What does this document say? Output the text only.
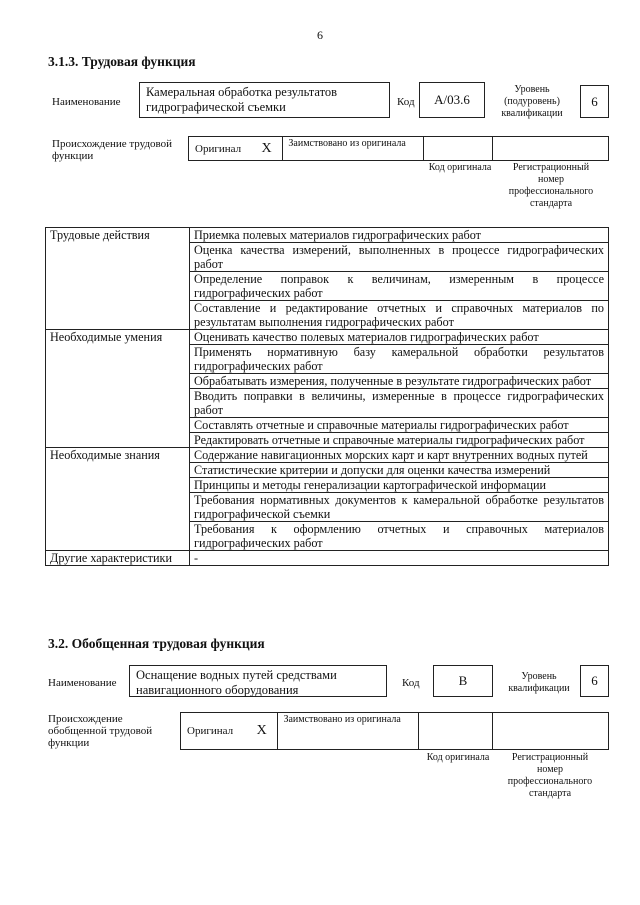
6
3.1.3. Трудовая функция
Наименование
Камеральная обработка результатов гидрографической съемки	Код А/03.6
Уровень (подуровень) квалификации
6
Происхождение трудовой функции
Оригинал	Х	Заимствовано из оригинала		
Код оригинала	Регистрационный номер профессионального стандарта
Трудовые действия	Приемка полевых материалов гидрографических работ
	Оценка качества измерений, выполненных в процессе гидрографических работ
	Определение поправок к величинам, измеренным в процессе гидрографических работ
	Составление и редактирование отчетных и справочных материалов по результатам выполнения гидрографических работ
Необходимые умения	Оценивать качество полевых материалов гидрографических работ
	Применять нормативную базу камеральной обработки результатов гидрографических работ
	Обрабатывать измерения, полученные в результате гидрографических работ
	Вводить поправки в величины, измеренные в процессе гидрографических работ
	Составлять отчетные и справочные материалы гидрографических работ
	Редактировать отчетные и справочные материалы гидрографических работ
Необходимые знания	Содержание навигационных морских карт и карт внутренних водных путей
	Статистические критерии и допуски для оценки качества измерений
	Принципы и методы генерализации картографической информации
	Требования нормативных документов к камеральной обработке результатов гидрографической съемки
	Требования к оформлению отчетных и справочных материалов гидрографических работ
Другие характеристики	-
3.2. Обобщенная трудовая функция
Наименование
Оснащение водных путей средствами навигационного оборудования	Код	В	Уровень квалификации
6
Происхождение обобщенной трудовой функции
Оригинал	Х	Заимствовано из оригинала		
Код оригинала	Регистрационный номер профессионального стандарта
